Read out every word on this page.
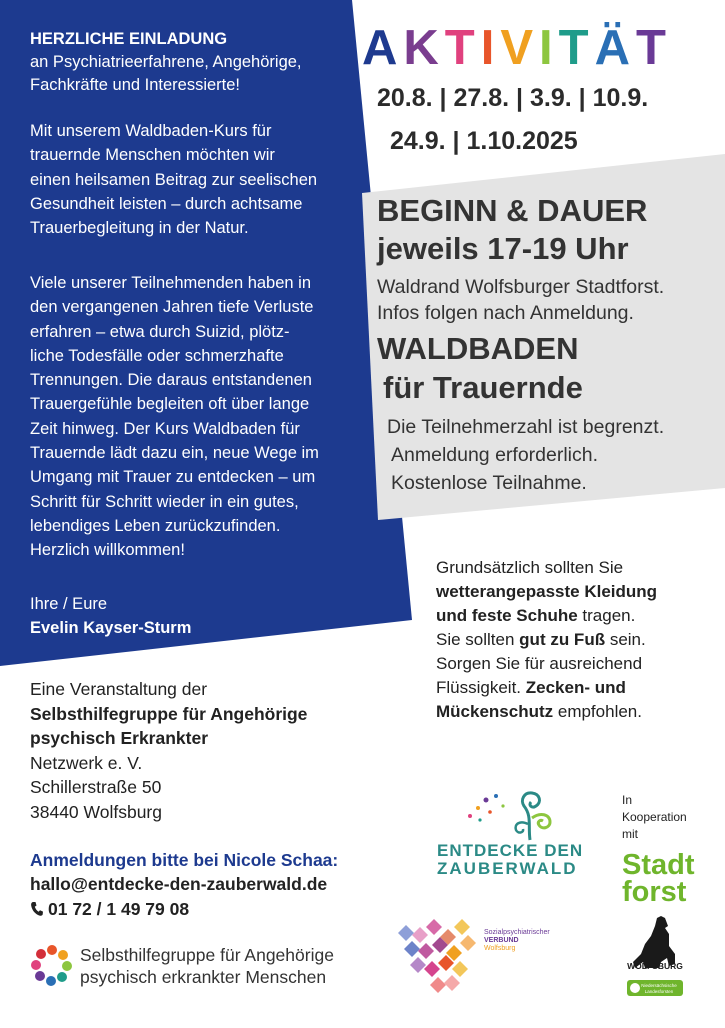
HERZLICHE EINLADUNG
an Psychiatrieerfahrene, Angehörige,
Fachkräfte und Interessierte!
Mit unserem Waldbaden-Kurs für
trauernde Menschen möchten wir
einen heilsamen Beitrag zur seelischen
Gesundheit leisten – durch achtsame
Trauerbegleitung in der Natur.
Viele unserer Teilnehmenden haben in
den vergangenen Jahren tiefe Verluste
erfahren – etwa durch Suizid, plötz-
liche Todesfälle oder schmerzhafte
Trennungen. Die daraus entstandenen
Trauergefühle begleiten oft über lange
Zeit hinweg. Der Kurs Waldbaden für
Trauernde lädt dazu ein, neue Wege im
Umgang mit Trauer zu entdecken – um
Schritt für Schritt wieder in ein gutes,
lebendiges Leben zurückzufinden.
Herzlich willkommen!
Ihre / Eure
Evelin Kayser-Sturm
AKTIVITÄT
20.8. | 27.8. | 3.9. | 10.9.
24.9. | 1.10.2025
BEGINN & DAUER
jeweils 17-19 Uhr
Waldrand Wolfsburger Stadtforst.
Infos folgen nach Anmeldung.
WALDBADEN
für Trauernde
Die Teilnehmerzahl ist begrenzt.
Anmeldung erforderlich.
Kostenlose Teilnahme.
Grundsätzlich sollten Sie
wetterangepasste Kleidung
und feste Schuhe tragen.
Sie sollten gut zu Fuß sein.
Sorgen Sie für ausreichend
Flüssigkeit. Zecken- und
Mückenschutz empfohlen.
Eine Veranstaltung der
Selbsthilfegruppe für Angehörige
psychisch Erkrankter
Netzwerk e. V.
Schillerstraße 50
38440 Wolfsburg
Anmeldungen bitte bei Nicole Schaa:
hallo@entdecke-den-zauberwald.de
01 72 / 1 49 79 08
Selbsthilfegruppe für Angehörige
psychisch erkrankter Menschen
ENTDECKE DEN
ZAUBERWALD
Sozialpsychiatrischer
VERBUND
Wolfsburg
In
Kooperation
mit
Stadt
forst
WOLFSBURG
Niedersächsische
Landesforsten
